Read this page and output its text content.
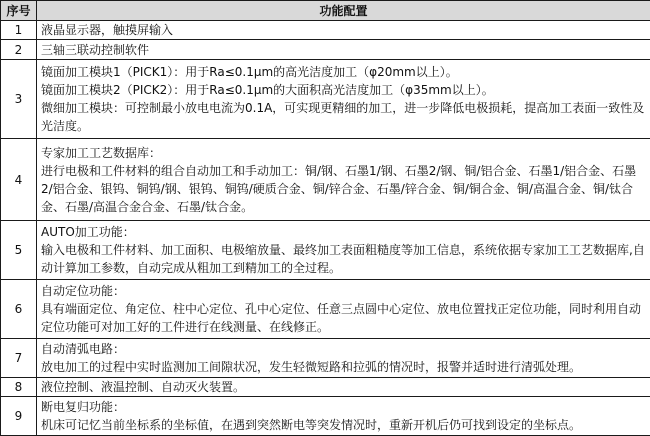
序号	功能配置
1	液晶显示器，触摸屏输入

2	三轴三联动控制软件

3	镜面加工模块1（PICK1）：用于Ra≤0.1μm的高光洁度加工（φ20mm以上）。
镜面加工模块2（PICK2）：用于Ra≤0.1μm的大面积高光洁度加工（φ35mm以上）。
微细加工模块：可控制最小放电电流为0.1A，可实现更精细的加工，进一步降低电极损耗，提高加工表面一致性及光洁度。

4	专家加工工艺数据库：
进行电极和工件材料的组合自动加工和手动加工：铜/钢、石墨1/钢、石墨2/钢、铜/铝合金、石墨1/铝合金、石墨2/铝合金、银钨、铜钨/钢、银钨、铜钨/硬质合金、铜/锌合金、石墨/锌合金、铜/铜合金、铜/高温合金、铜/钛合金、石墨/高温合金合金、石墨/钛合金。

5	AUTO加工功能：
输入电极和工件材料、加工面积、电极缩放量、最终加工表面粗糙度等加工信息，系统依据专家加工工艺数据库,自动计算加工参数，自动完成从粗加工到精加工的全过程。

6	自动定位功能：
具有端面定位、角定位、柱中心定位、孔中心定位、任意三点圆中心定位、放电位置找正定位功能，同时利用自动定位功能可对加工好的工件进行在线测量、在线修正。

7	自动清弧电路：
放电加工的过程中实时监测加工间隙状况，发生轻微短路和拉弧的情况时，报警并适时进行清弧处理。

8	液位控制、液温控制、自动灭火装置。

9	断电复归功能：
机床可记忆当前坐标系的坐标值，在遇到突然断电等突发情况时，重新开机后仍可找到设定的坐标点。
